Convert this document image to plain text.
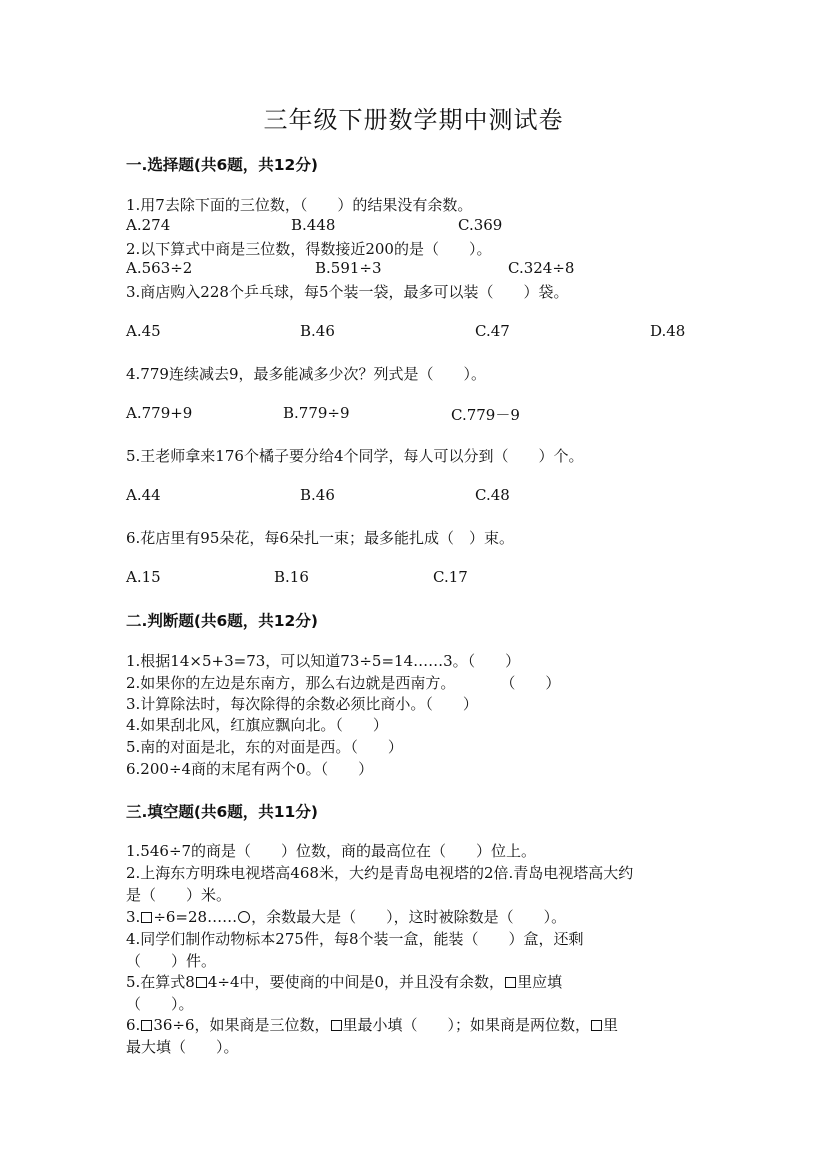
三年级下册数学期中测试卷
一.选择题(共6题，共12分)
1.用7去除下面的三位数，（　　）的结果没有余数。
A.274	B.448	C.369
2.以下算式中商是三位数，得数接近200的是（　　）。
A.563÷2	B.591÷3	C.324÷8
3.商店购入228个乒乓球，每5个装一袋，最多可以装（　　）袋。
A.45	B.46	C.47	D.48
4.779连续减去9，最多能减多少次？列式是（　　）。
A.779+9	B.779÷9	C.779－9
5.王老师拿来176个橘子要分给4个同学，每人可以分到（　　）个。
A.44	B.46	C.48
6.花店里有95朵花，每6朵扎一束；最多能扎成（　）束。
A.15	B.16	C.17
二.判断题(共6题，共12分)
1.根据14×5+3=73，可以知道73÷5=14……3。（　　）
2.如果你的左边是东南方，那么右边就是西南方。　　　　（　　）
3.计算除法时，每次除得的余数必须比商小。（　　）
4.如果刮北风，红旗应飘向北。（　　）
5.南的对面是北，东的对面是西。（　　）
6.200÷4商的末尾有两个0。（　　）
三.填空题(共6题，共11分)
1.546÷7的商是（　　）位数，商的最高位在（　　）位上。
2.上海东方明珠电视塔高468米，大约是青岛电视塔的2倍.青岛电视塔高大约
是（　　）米。
3. ÷6=28…… ，余数最大是（　　），这时被除数是（　　）。
4.同学们制作动物标本275件，每8个装一盒，能装（　　）盒，还剩
（　　）件。
5.在算式8 4÷4中，要使商的中间是0，并且没有余数， 里应填
（　　）。
6. 36÷6，如果商是三位数， 里最小填（　　）；如果商是两位数， 里
最大填（　　）。
